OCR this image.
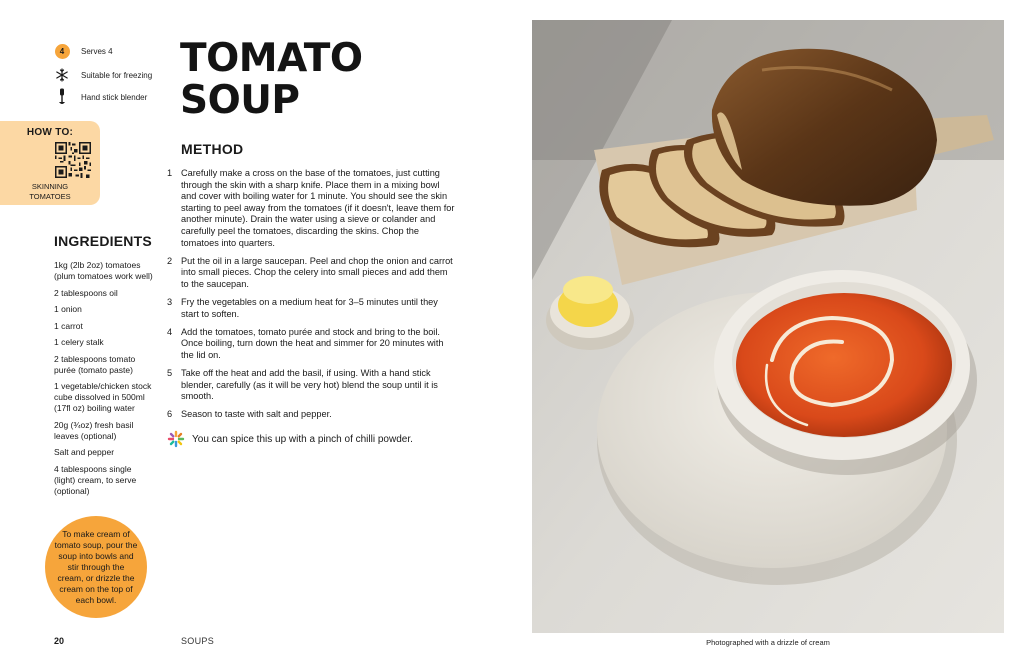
4	Serves 4
Suitable for freezing
Hand stick blender
HOW TO:
SKINNING
TOMATOES
INGREDIENTS
1kg (2lb 2oz) tomatoes (plum tomatoes work well)
2 tablespoons oil
1 onion
1 carrot
1 celery stalk
2 tablespoons tomato purée (tomato paste)
1 vegetable/chicken stock cube dissolved in 500ml (17fl oz) boiling water
20g (¾oz) fresh basil leaves (optional)
Salt and pepper
4 tablespoons single (light) cream, to serve (optional)
To make cream of tomato soup, pour the soup into bowls and stir through the cream, or drizzle the cream on the top of each bowl.
20	SOUPS
TOMATO
SOUP
METHOD
1 Carefully make a cross on the base of the tomatoes, just cutting through the skin with a sharp knife. Place them in a mixing bowl and cover with boiling water for 1 minute. You should see the skin starting to peel away from the tomatoes (if it doesn't, leave them for another minute). Drain the water using a sieve or colander and carefully peel the tomatoes, discarding the skins. Chop the tomatoes into quarters.
2 Put the oil in a large saucepan. Peel and chop the onion and carrot into small pieces. Chop the celery into small pieces and add them to the saucepan.
3 Fry the vegetables on a medium heat for 3–5 minutes until they start to soften.
4 Add the tomatoes, tomato purée and stock and bring to the boil. Once boiling, turn down the heat and simmer for 20 minutes with the lid on.
5 Take off the heat and add the basil, if using. With a hand stick blender, carefully (as it will be very hot) blend the soup until it is smooth.
6 Season to taste with salt and pepper.
You can spice this up with a pinch of chilli powder.
Photographed with a drizzle of cream
